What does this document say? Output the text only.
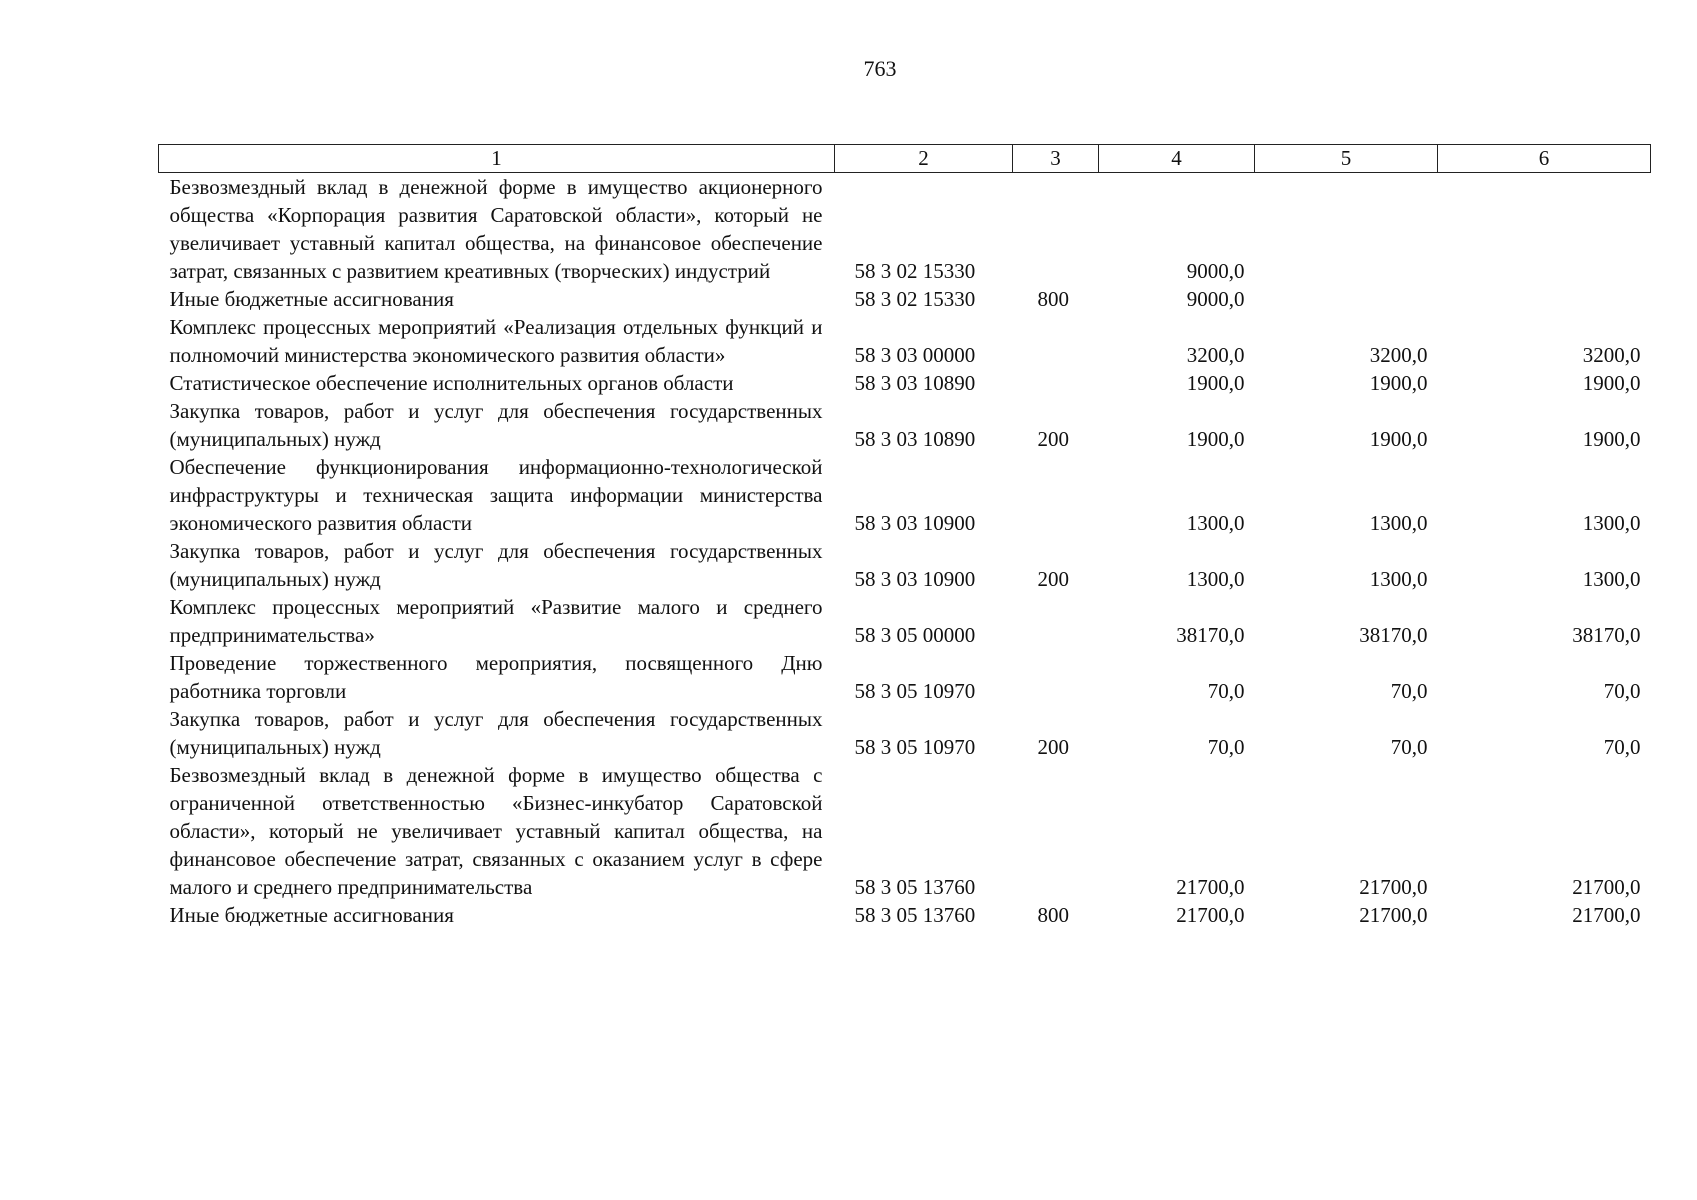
763
1	2	3	4	5	6
Безвозмездный вклад в денежной форме в имущество акционерного общества «Корпорация развития Саратовской области», который не увеличивает уставный капитал общества, на финансовое обеспечение затрат, связанных с развитием креативных (творческих) индустрий	58 3 02 15330		9000,0		
Иные бюджетные ассигнования	58 3 02 15330	800	9000,0		
Комплекс процессных мероприятий «Реализация отдельных функций и полномочий министерства экономического развития области»	58 3 03 00000		3200,0	3200,0	3200,0
Статистическое обеспечение исполнительных органов области	58 3 03 10890		1900,0	1900,0	1900,0
Закупка товаров, работ и услуг для обеспечения государственных (муниципальных) нужд	58 3 03 10890	200	1900,0	1900,0	1900,0
Обеспечение функционирования информационно-технологической инфраструктуры и техническая защита информации министерства экономического развития области	58 3 03 10900		1300,0	1300,0	1300,0
Закупка товаров, работ и услуг для обеспечения государственных (муниципальных) нужд	58 3 03 10900	200	1300,0	1300,0	1300,0
Комплекс процессных мероприятий «Развитие малого и среднего предпринимательства»	58 3 05 00000		38170,0	38170,0	38170,0
Проведение торжественного мероприятия, посвященного Дню работника торговли	58 3 05 10970		70,0	70,0	70,0
Закупка товаров, работ и услуг для обеспечения государственных (муниципальных) нужд	58 3 05 10970	200	70,0	70,0	70,0
Безвозмездный вклад в денежной форме в имущество общества с ограниченной ответственностью «Бизнес-инкубатор Саратовской области», который не увеличивает уставный капитал общества, на финансовое обеспечение затрат, связанных с оказанием услуг в сфере малого и среднего предпринимательства	58 3 05 13760		21700,0	21700,0	21700,0
Иные бюджетные ассигнования	58 3 05 13760	800	21700,0	21700,0	21700,0
